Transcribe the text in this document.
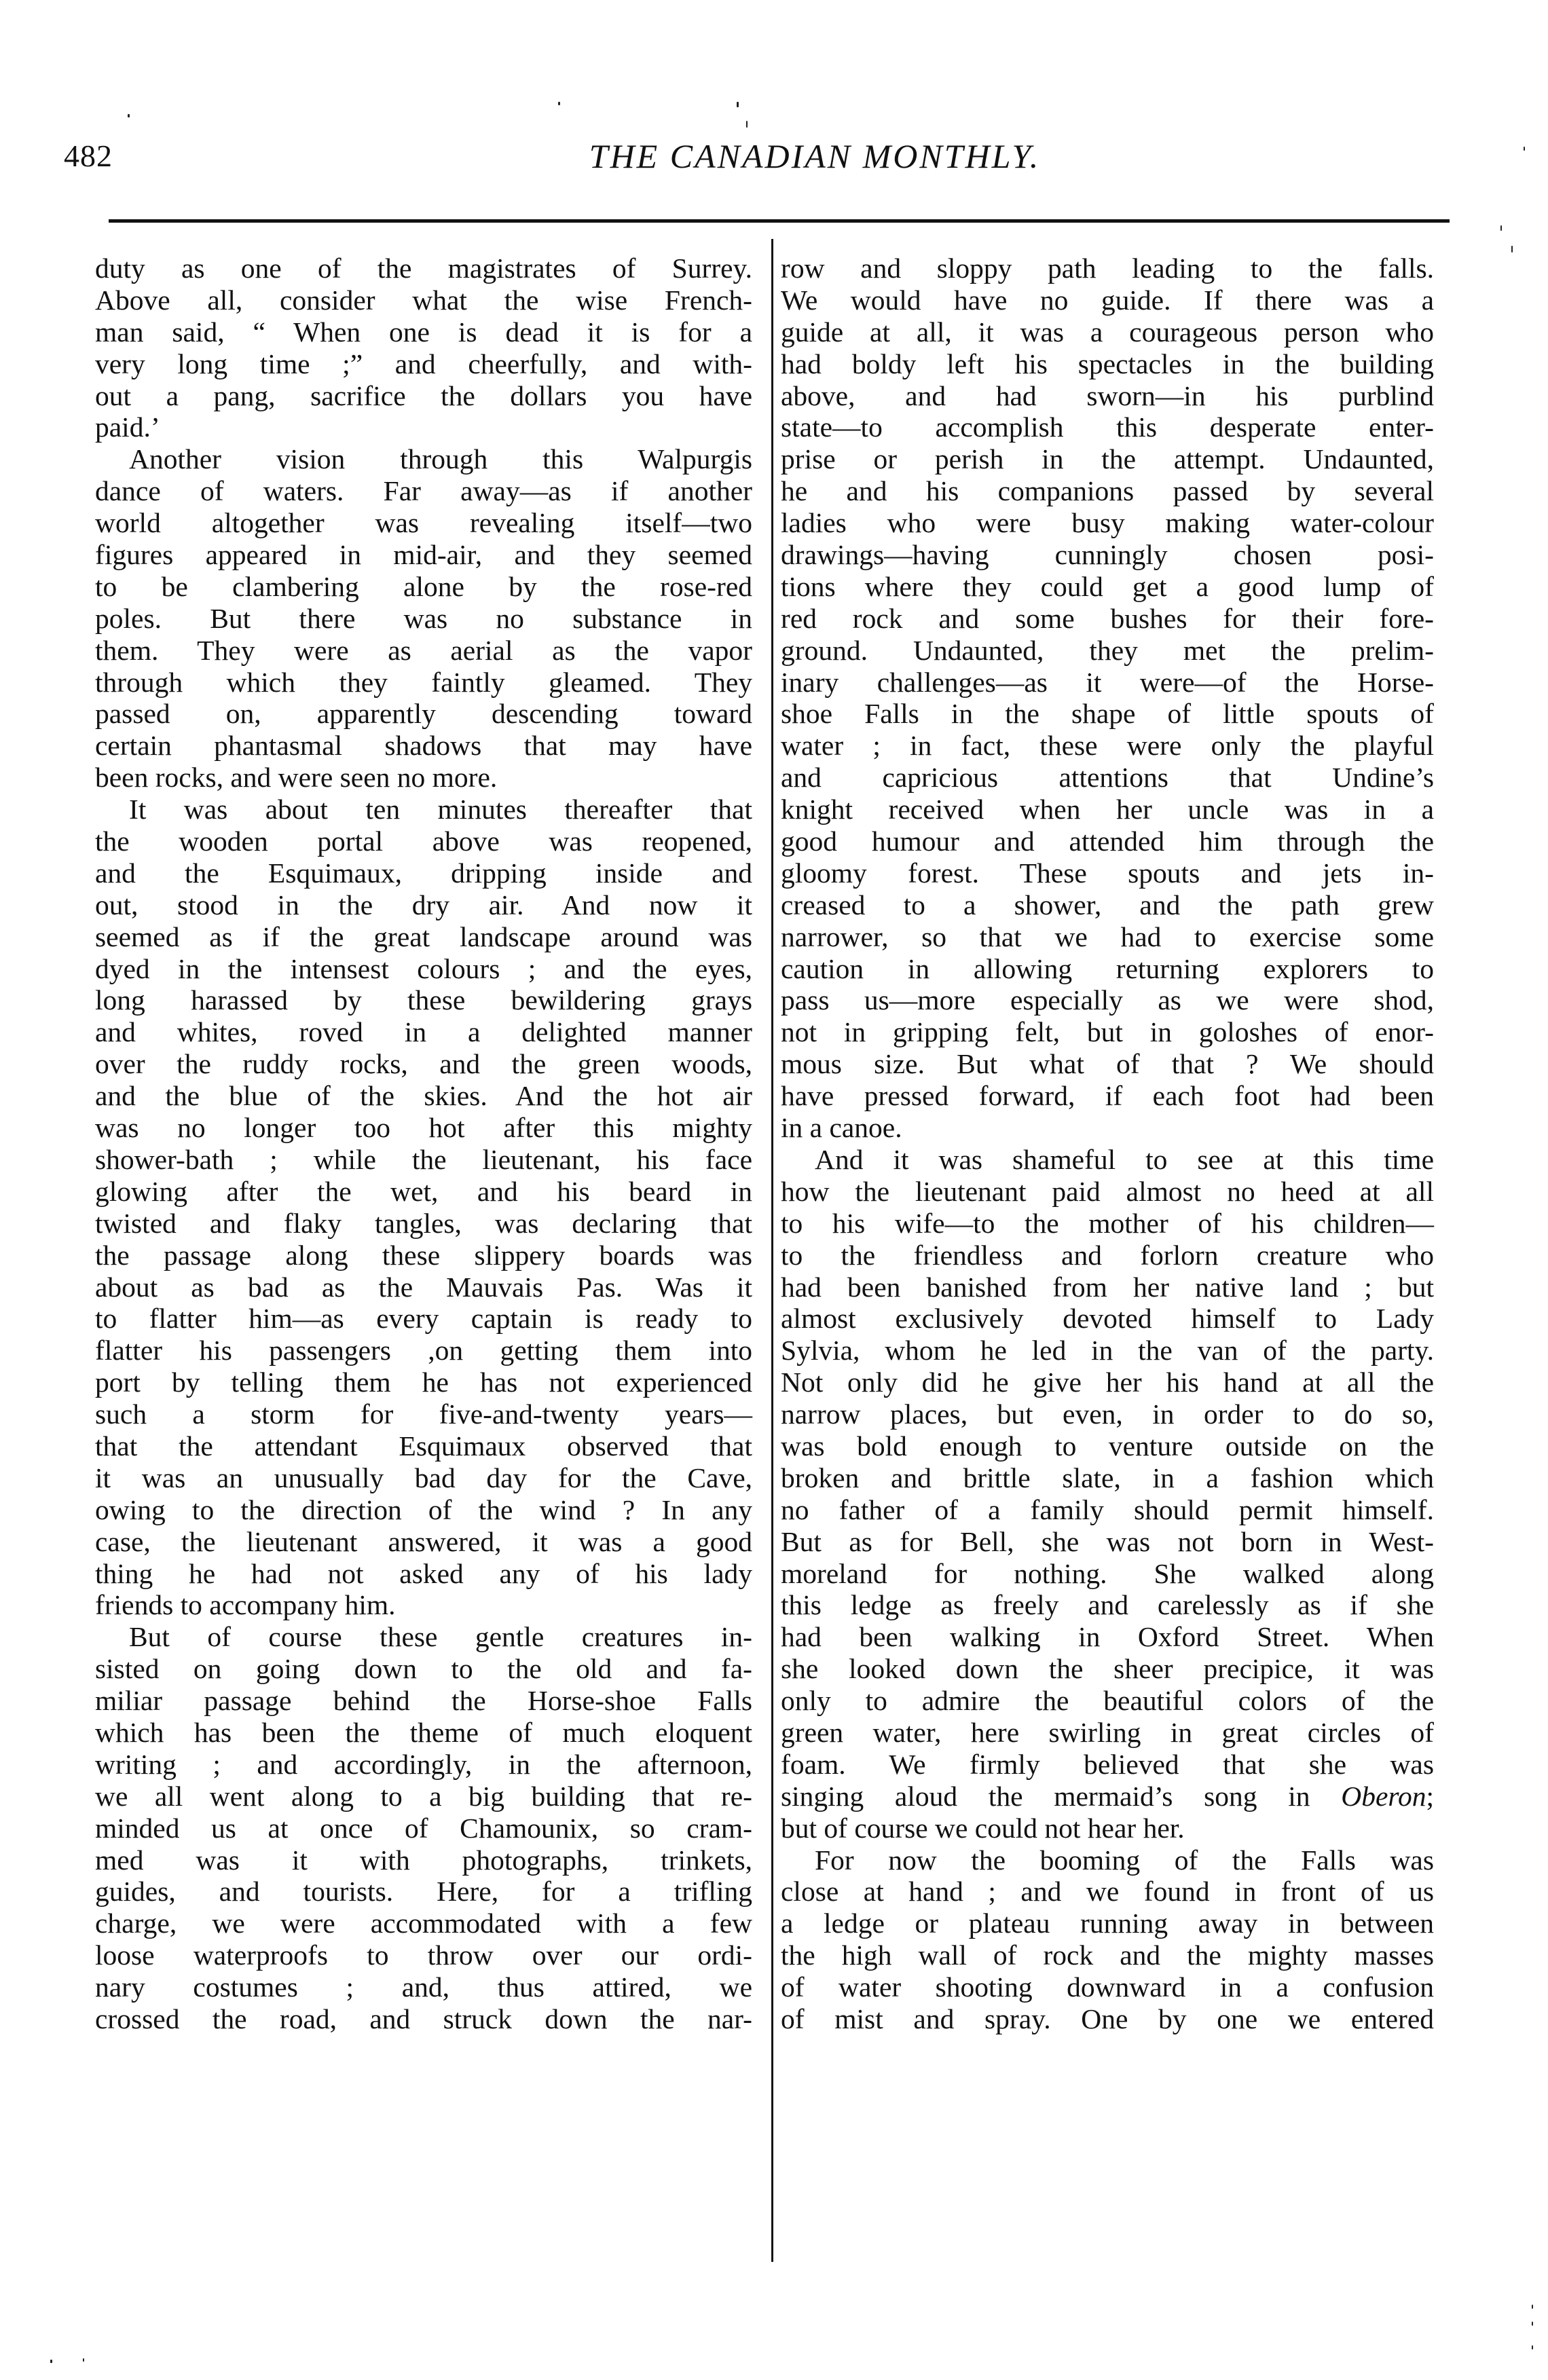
482	THE CANADIAN MONTHLY.
duty as one of the magistrates of Surrey.
Above all, consider what the wise French-
man said, “ When one is dead it is for a
very long time ;” and cheerfully, and with-
out a pang, sacrifice the dollars you have
paid.’
Another vision through this Walpurgis
dance of waters. Far away—as if another
world altogether was revealing itself—two
figures appeared in mid-air, and they seemed
to be clambering alone by the rose-red
poles. But there was no substance in
them. They were as aerial as the vapor
through which they faintly gleamed. They
passed on, apparently descending toward
certain phantasmal shadows that may have
been rocks, and were seen no more.
It was about ten minutes thereafter that
the wooden portal above was reopened,
and the Esquimaux, dripping inside and
out, stood in the dry air. And now it
seemed as if the great landscape around was
dyed in the intensest colours ; and the eyes,
long harassed by these bewildering grays
and whites, roved in a delighted manner
over the ruddy rocks, and the green woods,
and the blue of the skies. And the hot air
was no longer too hot after this mighty
shower-bath ; while the lieutenant, his face
glowing after the wet, and his beard in
twisted and flaky tangles, was declaring that
the passage along these slippery boards was
about as bad as the Mauvais Pas. Was it
to flatter him—as every captain is ready to
flatter his passengers ,on getting them into
port by telling them he has not experienced
such a storm for five-and-twenty years—
that the attendant Esquimaux observed that
it was an unusually bad day for the Cave,
owing to the direction of the wind ? In any
case, the lieutenant answered, it was a good
thing he had not asked any of his lady
friends to accompany him.
But of course these gentle creatures in-
sisted on going down to the old and fa-
miliar passage behind the Horse-shoe Falls
which has been the theme of much eloquent
writing ; and accordingly, in the afternoon,
we all went along to a big building that re-
minded us at once of Chamounix, so cram-
med was it with photographs, trinkets,
guides, and tourists. Here, for a trifling
charge, we were accommodated with a few
loose waterproofs to throw over our ordi-
nary costumes ; and, thus attired, we
crossed the road, and struck down the nar-
row and sloppy path leading to the falls.
We would have no guide. If there was a
guide at all, it was a courageous person who
had boldy left his spectacles in the building
above, and had sworn—in his purblind
state—to accomplish this desperate enter-
prise or perish in the attempt. Undaunted,
he and his companions passed by several
ladies who were busy making water-colour
drawings—having cunningly chosen posi-
tions where they could get a good lump of
red rock and some bushes for their fore-
ground. Undaunted, they met the prelim-
inary challenges—as it were—of the Horse-
shoe Falls in the shape of little spouts of
water ; in fact, these were only the playful
and capricious attentions that Undine’s
knight received when her uncle was in a
good humour and attended him through the
gloomy forest. These spouts and jets in-
creased to a shower, and the path grew
narrower, so that we had to exercise some
caution in allowing returning explorers to
pass us—more especially as we were shod,
not in gripping felt, but in goloshes of enor-
mous size. But what of that ? We should
have pressed forward, if each foot had been
in a canoe.
And it was shameful to see at this time
how the lieutenant paid almost no heed at all
to his wife—to the mother of his children—
to the friendless and forlorn creature who
had been banished from her native land ; but
almost exclusively devoted himself to Lady
Sylvia, whom he led in the van of the party.
Not only did he give her his hand at all the
narrow places, but even, in order to do so,
was bold enough to venture outside on the
broken and brittle slate, in a fashion which
no father of a family should permit himself.
But as for Bell, she was not born in West-
moreland for nothing. She walked along
this ledge as freely and carelessly as if she
had been walking in Oxford Street. When
she looked down the sheer precipice, it was
only to admire the beautiful colors of the
green water, here swirling in great circles of
foam. We firmly believed that she was
singing aloud the mermaid’s song in Oberon;
but of course we could not hear her.
For now the booming of the Falls was
close at hand ; and we found in front of us
a ledge or plateau running away in between
the high wall of rock and the mighty masses
of water shooting downward in a confusion
of mist and spray. One by one we entered
